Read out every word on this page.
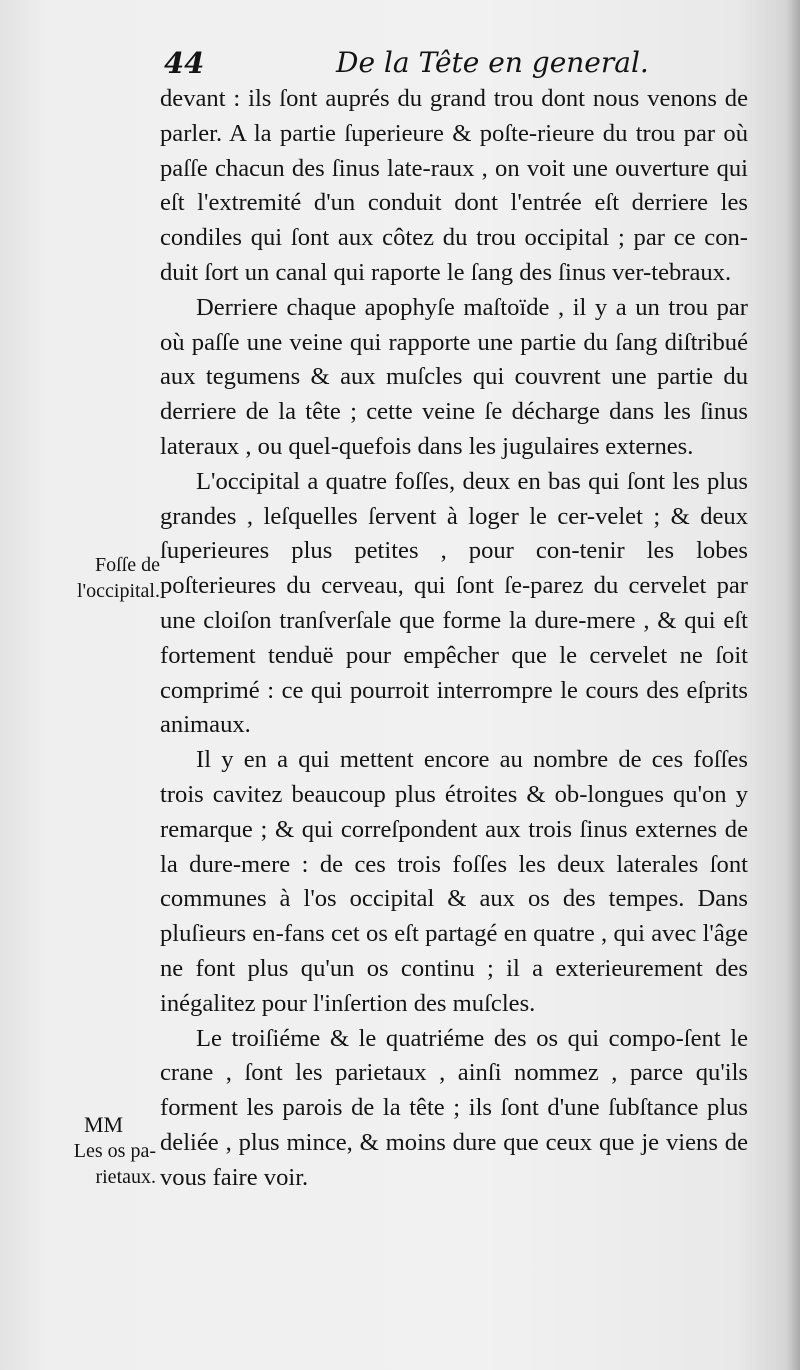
44	De la Tête en general.

devant : ils ſont auprés du grand trou dont nous venons de parler. A la partie ſuperieure & poſte-rieure du trou par où paſſe chacun des ſinus late-raux , on voit une ouverture qui eſt l'extremité d'un conduit dont l'entrée eſt derriere les condiles qui ſont aux côtez du trou occipital ; par ce con-duit ſort un canal qui raporte le ſang des ſinus ver-tebraux.

Derriere chaque apophyſe maſtoïde , il y a un trou par où paſſe une veine qui rapporte une partie du ſang diſtribué aux tegumens & aux muſcles qui couvrent une partie du derriere de la tête ; cette veine ſe décharge dans les ſinus lateraux , ou quel-quefois dans les jugulaires externes.

L'occipital a quatre foſſes, deux en bas qui ſont les plus grandes , leſquelles ſervent à loger le cer-velet ; & deux ſuperieures plus petites , pour con-tenir les lobes poſterieures du cerveau, qui ſont ſe-parez du cervelet par une cloiſon tranſverſale que forme la dure-mere , & qui eſt fortement tenduë pour empêcher que le cervelet ne ſoit comprimé : ce qui pourroit interrompre le cours des eſprits animaux.

Il y en a qui mettent encore au nombre de ces foſſes trois cavitez beaucoup plus étroites & ob-longues qu'on y remarque ; & qui correſpondent aux trois ſinus externes de la dure-mere : de ces trois foſſes les deux laterales ſont communes à l'os occipital & aux os des tempes. Dans pluſieurs en-fans cet os eſt partagé en quatre , qui avec l'âge ne font plus qu'un os continu ; il a exterieurement des inégalitez pour l'inſertion des muſcles.

Le troiſiéme & le quatriéme des os qui compo-ſent le crane , ſont les parietaux , ainſi nommez , parce qu'ils forment les parois de la tête ; ils ſont d'une ſubſtance plus deliée , plus mince, & moins dure que ceux que je viens de vous faire voir.

Foſſe de l'occipital.
MM
Les os pa-rietaux.
